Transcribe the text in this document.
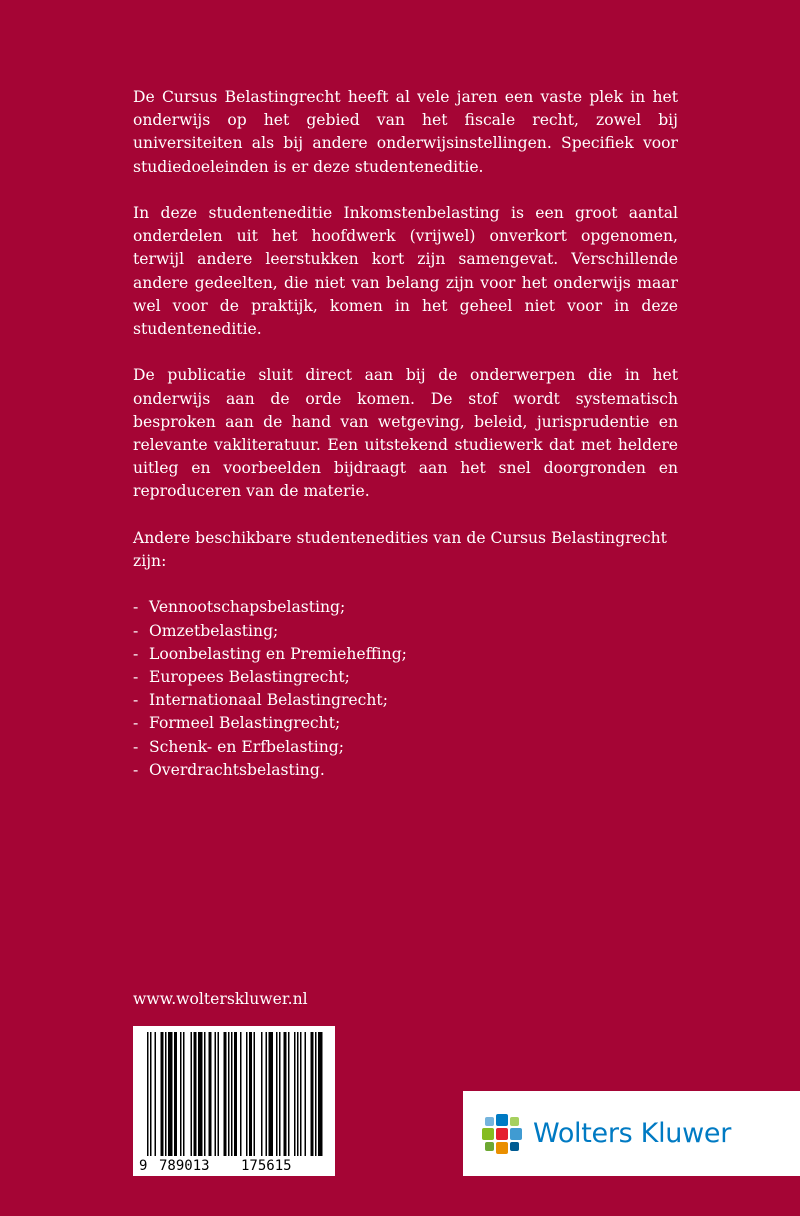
De Cursus Belastingrecht heeft al vele jaren een vaste plek in het onderwijs op het gebied van het fiscale recht, zowel bij universiteiten als bij andere onderwijsinstellingen. Specifiek voor studiedoeleinden is er deze studenteneditie.

In deze studenteneditie Inkomstenbelasting is een groot aantal onderdelen uit het hoofdwerk (vrijwel) onverkort opgenomen, terwijl andere leerstukken kort zijn samengevat. Verschillende andere gedeelten, die niet van belang zijn voor het onderwijs maar wel voor de praktijk, komen in het geheel niet voor in deze studenteneditie.

De publicatie sluit direct aan bij de onderwerpen die in het onderwijs aan de orde komen. De stof wordt systematisch besproken aan de hand van wetgeving, beleid, jurisprudentie en relevante vakliteratuur. Een uitstekend studiewerk dat met heldere uitleg en voorbeelden bijdraagt aan het snel doorgronden en reproduceren van de materie.

Andere beschikbare studentenedities van de Cursus Belastingrecht zijn:

- Vennootschapsbelasting;
- Omzetbelasting;
- Loonbelasting en Premieheffing;
- Europees Belastingrecht;
- Internationaal Belastingrecht;
- Formeel Belastingrecht;
- Schenk- en Erfbelasting;
- Overdrachtsbelasting.
www.wolterskluwer.nl
9 789013 175615
Wolters Kluwer
